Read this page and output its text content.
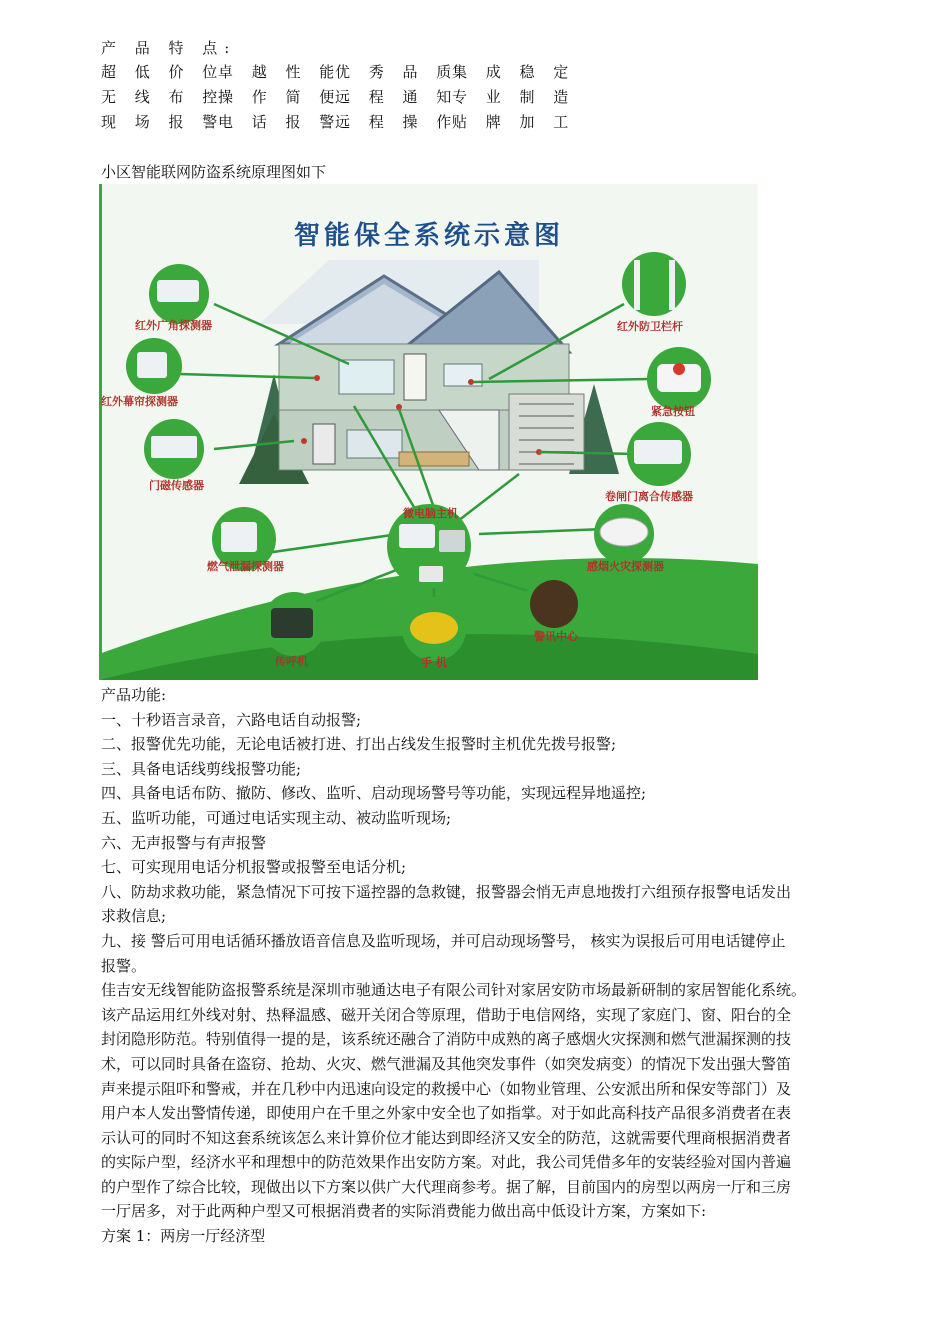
产 品 特 点:
超 低 价 位
卓 越 性 能
优 秀 品 质
集 成 稳 定
无 线 布 控
操 作 简 便
远 程 通 知
专 业 制 造
现 场 报 警
电 话 报 警
远 程 操 作
贴 牌 加 工
小区智能联网防盗系统原理图如下
智能保全系统示意图
红外广角探测器
红外幕帘探测器
门磁传感器
燃气泄漏探测器
传呼机	手 机
微电脑主机
警讯中心
红外防卫栏杆
紧急按钮
卷闸门离合传感器
感烟火灾探测器

产品功能:

一、十秒语言录音，六路电话自动报警;

二、报警优先功能，无论电话被打进、打出占线发生报警时主机优先拨号报警;

三、具备电话线剪线报警功能;

四、具备电话布防、撤防、修改、监听、启动现场警号等功能，实现远程异地遥控;

五、监听功能，可通过电话实现主动、被动监听现场;

六、无声报警与有声报警

七、可实现用电话分机报警或报警至电话分机;

八、防劫求救功能，紧急情况下可按下遥控器的急救键，报警器会悄无声息地拨打六组预存报警电话发出

求救信息;

九、接 警后可用电话循环播放语音信息及监听现场，并可启动现场警号， 核实为误报后可用电话键停止

报警。

佳吉安无线智能防盗报警系统是深圳市驰通达电子有限公司针对家居安防市场最新研制的家居智能化系统。

该产品运用红外线对射、热释温感、磁开关闭合等原理，借助于电信网络，实现了家庭门、窗、阳台的全

封闭隐形防范。特别值得一提的是，该系统还融合了消防中成熟的离子感烟火灾探测和燃气泄漏探测的技

术，可以同时具备在盗窃、抢劫、火灾、燃气泄漏及其他突发事件（如突发病变）的情况下发出强大警笛

声来提示阻吓和警戒，并在几秒中内迅速向设定的救援中心（如物业管理、公安派出所和保安等部门）及

用户本人发出警情传递，即使用户在千里之外家中安全也了如指掌。对于如此高科技产品很多消费者在表

示认可的同时不知这套系统该怎么来计算价位才能达到即经济又安全的防范，这就需要代理商根据消费者

的实际户型，经济水平和理想中的防范效果作出安防方案。对此，我公司凭借多年的安装经验对国内普遍

的户型作了综合比较，现做出以下方案以供广大代理商参考。据了解，目前国内的房型以两房一厅和三房

一厅居多，对于此两种户型又可根据消费者的实际消费能力做出高中低设计方案，方案如下:

方案 1：两房一厅经济型
